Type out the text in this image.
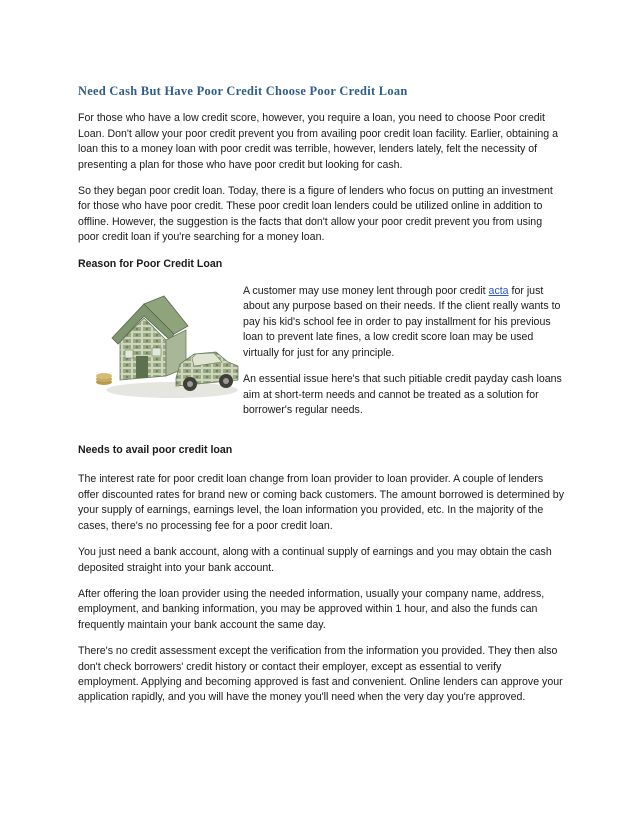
Need Cash But Have Poor Credit Choose Poor Credit Loan

For those who have a low credit score, however, you require a loan, you need to choose Poor credit Loan. Don't allow your poor credit prevent you from availing poor credit loan facility. Earlier, obtaining a loan this to a money loan with poor credit was terrible, however, lenders lately, felt the necessity of presenting a plan for those who have poor credit but looking for cash.

So they began poor credit loan. Today, there is a figure of lenders who focus on putting an investment for those who have poor credit. These poor credit loan lenders could be utilized online in addition to offline. However, the suggestion is the facts that don't allow your poor credit prevent you from using poor credit loan if you're searching for a money loan.

Reason for Poor Credit Loan

A customer may use money lent through poor credit acta for just about any purpose based on their needs. If the client really wants to pay his kid's school fee in order to pay installment for his previous loan to prevent late fines, a low credit score loan may be used virtually for just for any principle.

An essential issue here's that such pitiable credit payday cash loans aim at short-term needs and cannot be treated as a solution for borrower's regular needs.

Needs to avail poor credit loan

The interest rate for poor credit loan change from loan provider to loan provider. A couple of lenders offer discounted rates for brand new or coming back customers. The amount borrowed is determined by your supply of earnings, earnings level, the loan information you provided, etc. In the majority of the cases, there's no processing fee for a poor credit loan.

You just need a bank account, along with a continual supply of earnings and you may obtain the cash deposited straight into your bank account.

After offering the loan provider using the needed information, usually your company name, address, employment, and banking information, you may be approved within 1 hour, and also the funds can frequently maintain your bank account the same day.

There's no credit assessment except the verification from the information you provided. They then also don't check borrowers' credit history or contact their employer, except as essential to verify employment. Applying and becoming approved is fast and convenient. Online lenders can approve your application rapidly, and you will have the money you'll need when the very day you're approved.
